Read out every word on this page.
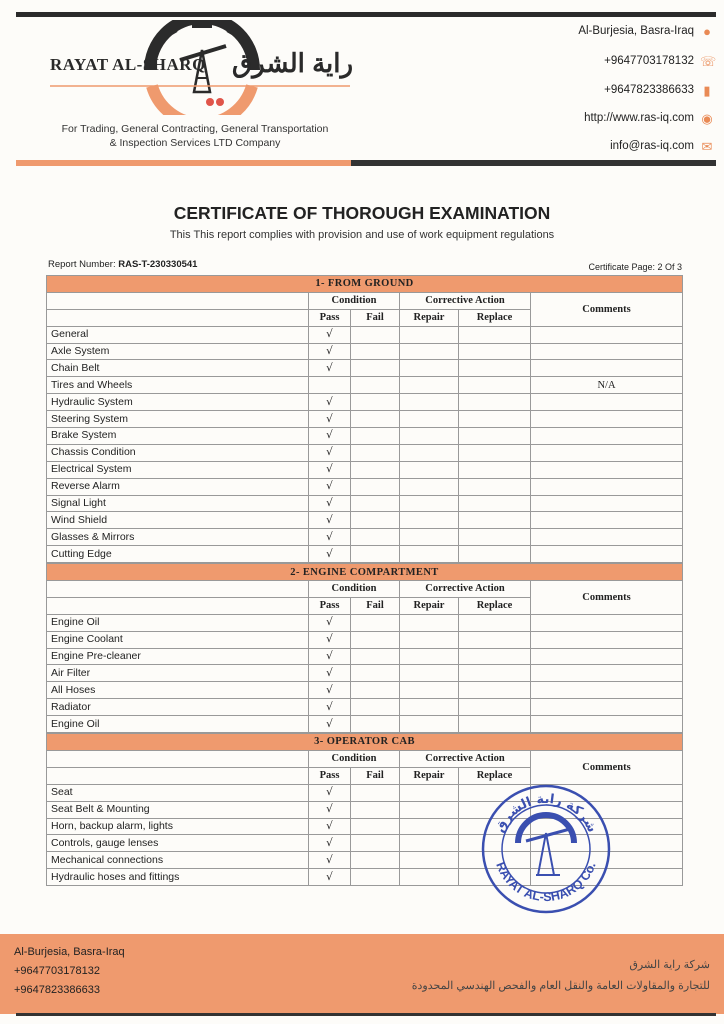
RAYAT AL-SHARQ راية الشرق
For Trading, General Contracting, General Transportation
& Inspection Services LTD Company
Al-Burjesia, Basra-Iraq ●
+9647703178132 ☏
+9647823386633 ▮
http://www.ras-iq.com ◉
info@ras-iq.com ✉
CERTIFICATE OF THOROUGH EXAMINATION
This This report complies with provision and use of work equipment regulations
Report Number: RAS-T-230330541	Certificate Page: 2 Of 3
1- FROM GROUND					
	Condition		Corrective Action		Comments
	Pass	Fail	Repair	Replace	
General	√				
Axle System	√				
Chain Belt	√				
Tires and Wheels					N/A
Hydraulic System	√				
Steering System	√				
Brake System	√				
Chassis Condition	√				
Electrical System	√				
Reverse Alarm	√				
Signal Light	√				
Wind Shield	√				
Glasses & Mirrors	√				
Cutting Edge	√				
2- ENGINE COMPARTMENT					
	Condition		Corrective Action		Comments
	Pass	Fail	Repair	Replace	
Engine Oil	√				
Engine Coolant	√				
Engine Pre-cleaner	√				
Air Filter	√				
All Hoses	√				
Radiator	√				
Engine Oil	√				
3- OPERATOR CAB					
	Condition		Corrective Action		Comments
	Pass	Fail	Repair	Replace	
Seat	√				
Seat Belt & Mounting	√				
Horn, backup alarm, lights	√				
Controls, gauge lenses	√				
Mechanical connections	√				
Hydraulic hoses and fittings	√				
شركة راية الشرق
RAYAT AL-SHARQ Co.
Al-Burjesia, Basra-Iraq
+9647703178132
+9647823386633
شركة راية الشرق
للتجارة والمقاولات العامة والنقل العام والفحص الهندسي المحدودة
